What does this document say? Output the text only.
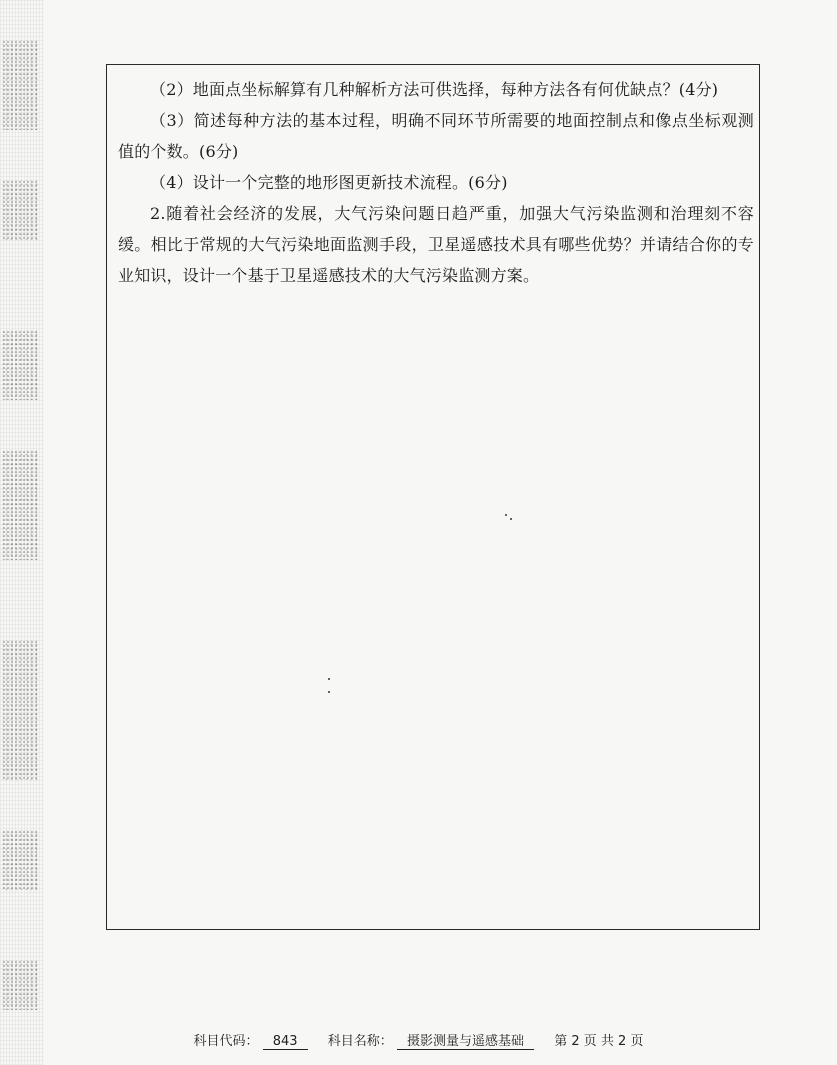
（2）地面点坐标解算有几种解析方法可供选择，每种方法各有何优缺点？(4分)

（3）简述每种方法的基本过程，明确不同环节所需要的地面控制点和像点坐标观测值的个数。(6分)

（4）设计一个完整的地形图更新技术流程。(6分)

2.随着社会经济的发展，大气污染问题日趋严重，加强大气污染监测和治理刻不容缓。相比于常规的大气污染地面监测手段，卫星遥感技术具有哪些优势？并请结合你的专业知识，设计一个基于卫星遥感技术的大气污染监测方案。

科目代码： 843 科目名称： 摄影测量与遥感基础 第 2 页 共 2 页
